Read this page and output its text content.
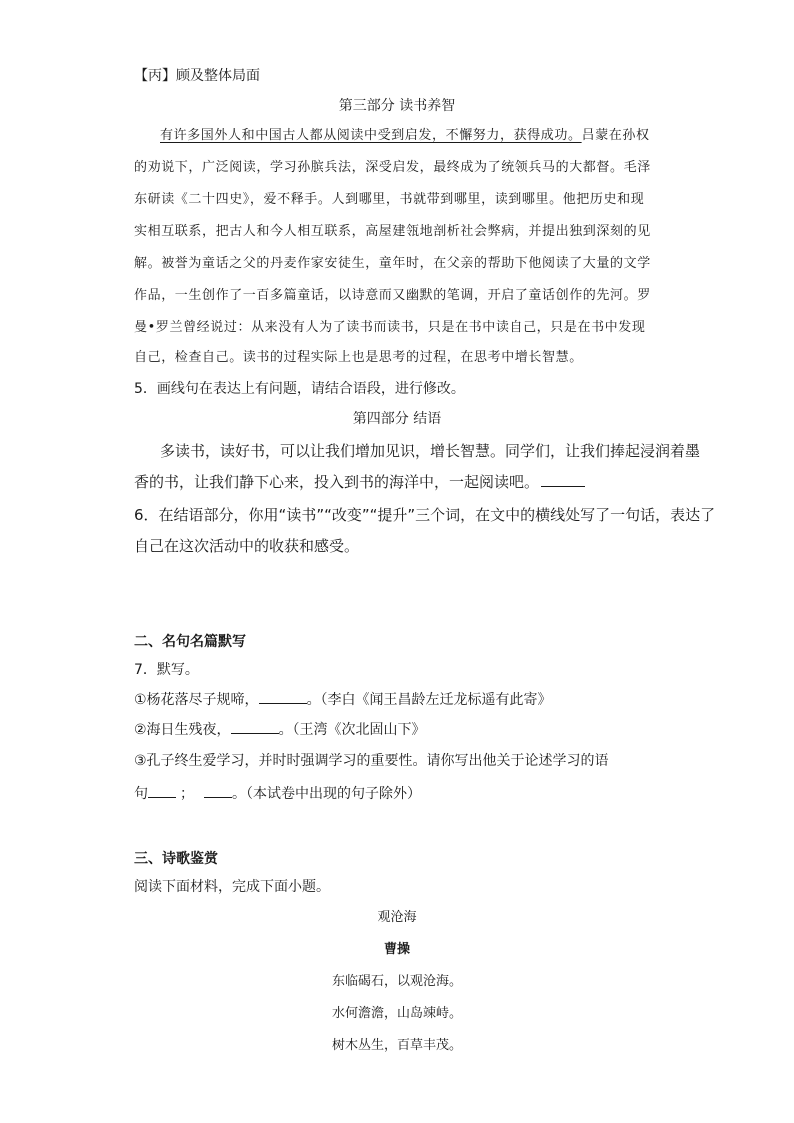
【丙】顾及整体局面
第三部分 读书养智
有许多国外人和中国古人都从阅读中受到启发，不懈努力，获得成功。吕蒙在孙权
的劝说下，广泛阅读，学习孙膑兵法，深受启发，最终成为了统领兵马的大都督。毛泽
东研读《二十四史》，爱不释手。人到哪里，书就带到哪里，读到哪里。他把历史和现
实相互联系，把古人和今人相互联系，高屋建瓴地剖析社会弊病，并提出独到深刻的见
解。被誉为童话之父的丹麦作家安徒生，童年时，在父亲的帮助下他阅读了大量的文学
作品，一生创作了一百多篇童话，以诗意而又幽默的笔调，开启了童话创作的先河。罗
曼•罗兰曾经说过：从来没有人为了读书而读书，只是在书中读自己，只是在书中发现
自己，检查自己。读书的过程实际上也是思考的过程，在思考中增长智慧。
5．画线句在表达上有问题，请结合语段，进行修改。
第四部分 结语
多读书，读好书，可以让我们增加见识，增长智慧。同学们，让我们捧起浸润着墨
香的书，让我们静下心来，投入到书的海洋中，一起阅读吧。
6．在结语部分，你用“读书”“改变”“提升”三个词，在文中的横线处写了一句话，表达了
自己在这次活动中的收获和感受。
二、名句名篇默写
7．默写。
①杨花落尽子规啼，	。（李白《闻王昌龄左迁龙标遥有此寄》
②海日生残夜，	。（王湾《次北固山下》
③孔子终生爱学习，并时时强调学习的重要性。请你写出他关于论述学习的语
句 ；	。（本试卷中出现的句子除外）
三、诗歌鉴赏
阅读下面材料，完成下面小题。
观沧海
曹操
东临碣石，以观沧海。
水何澹澹，山岛竦峙。
树木丛生，百草丰茂。
